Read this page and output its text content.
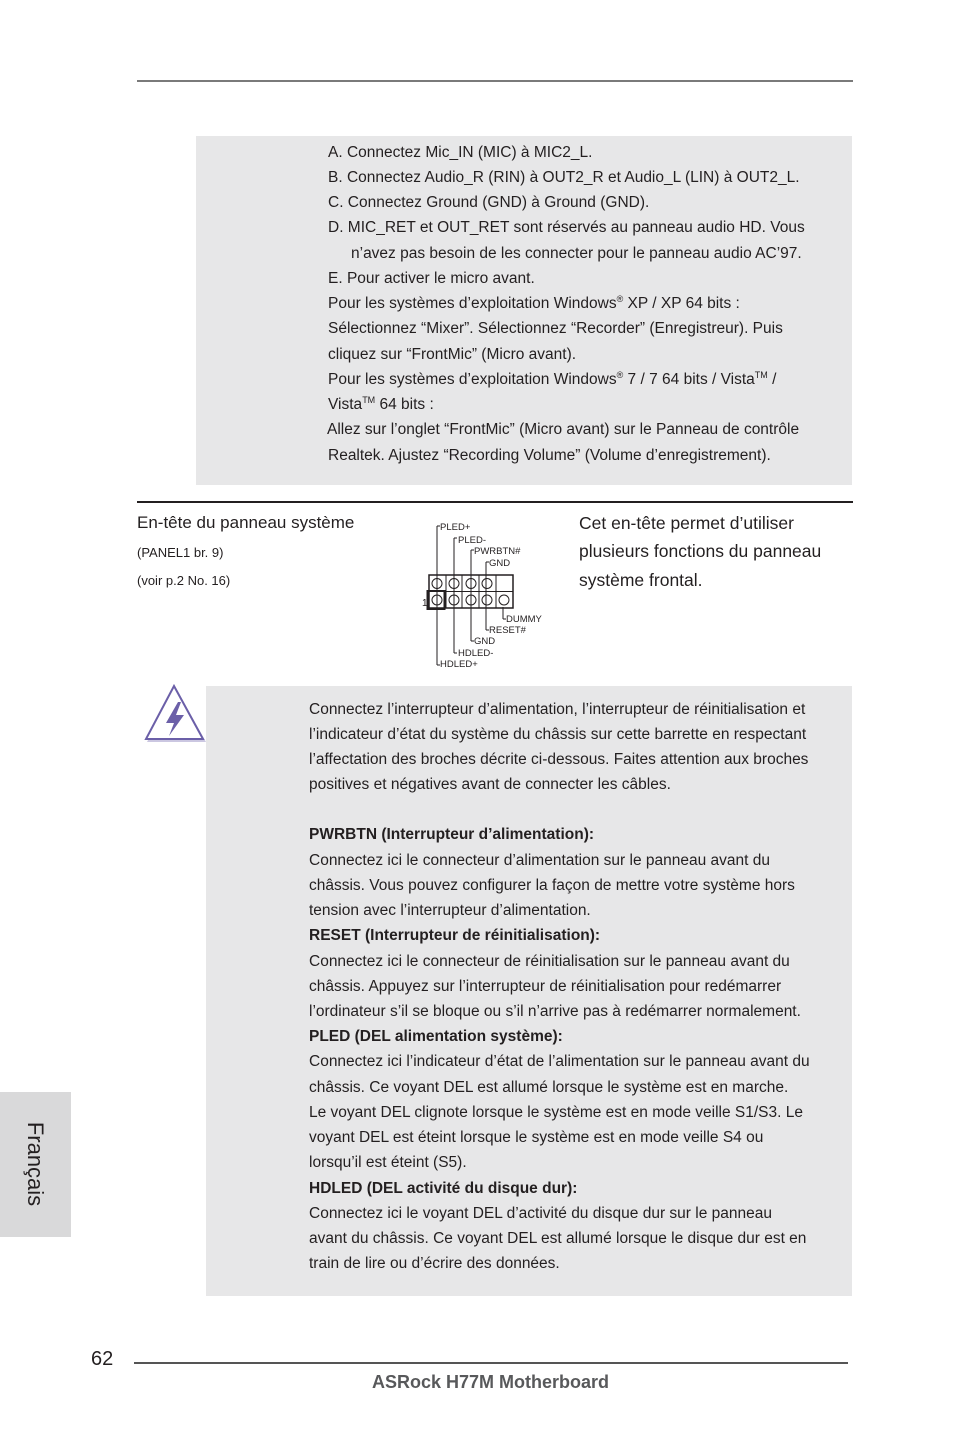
A. Connectez Mic_IN (MIC) à MIC2_L.
B. Connectez Audio_R (RIN) à OUT2_R et Audio_L (LIN) à OUT2_L.
C. Connectez Ground (GND) à Ground (GND).
D. MIC_RET et OUT_RET sont réservés au panneau audio HD. Vous
n’avez pas besoin de les connecter pour le panneau audio AC’97.
E. Pour activer le micro avant.
Pour les systèmes d’exploitation Windows® XP / XP 64 bits :
Sélectionnez “Mixer”. Sélectionnez “Recorder” (Enregistreur). Puis
cliquez sur “FrontMic” (Micro avant).
Pour les systèmes d’exploitation Windows® 7 / 7 64 bits / Vista™ /
Vista™ 64 bits :
Allez sur l’onglet “FrontMic” (Micro avant) sur le Panneau de contrôle
Realtek. Ajustez “Recording Volume” (Volume d’enregistrement).
En-tête du panneau système
(PANEL1 br. 9)
(voir p.2 No. 16)
PLED+
PLED-
PWRBTN#
GND
DUMMY
RESET#
GND
HDLED-
HDLED+
1
Cet en-tête permet d’utiliser
plusieurs fonctions du panneau
système frontal.
Connectez l’interrupteur d’alimentation, l’interrupteur de réinitialisation et
l’indicateur d’état du système du châssis sur cette barrette en respectant
l’affectation des broches décrite ci-dessous. Faites attention aux broches
positives et négatives avant de connecter les câbles.
PWRBTN (Interrupteur d’alimentation):
Connectez ici le connecteur d’alimentation sur le panneau avant du
châssis. Vous pouvez configurer la façon de mettre votre système hors
tension avec l’interrupteur d’alimentation.
RESET (Interrupteur de réinitialisation):
Connectez ici le connecteur de réinitialisation sur le panneau avant du
châssis. Appuyez sur l’interrupteur de réinitialisation pour redémarrer
l’ordinateur s’il se bloque ou s’il n’arrive pas à redémarrer normalement.
PLED (DEL alimentation système):
Connectez ici l’indicateur d’état de l’alimentation sur le panneau avant du
châssis. Ce voyant DEL est allumé lorsque le système est en marche.
Le voyant DEL clignote lorsque le système est en mode veille S1/S3. Le
voyant DEL est éteint lorsque le système est en mode veille S4 ou
lorsqu’il est éteint (S5).
HDLED (DEL activité du disque dur):
Connectez ici le voyant DEL d’activité du disque dur sur le panneau
avant du châssis. Ce voyant DEL est allumé lorsque le disque dur est en
train de lire ou d’écrire des données.
Français
62
ASRock H77M Motherboard
